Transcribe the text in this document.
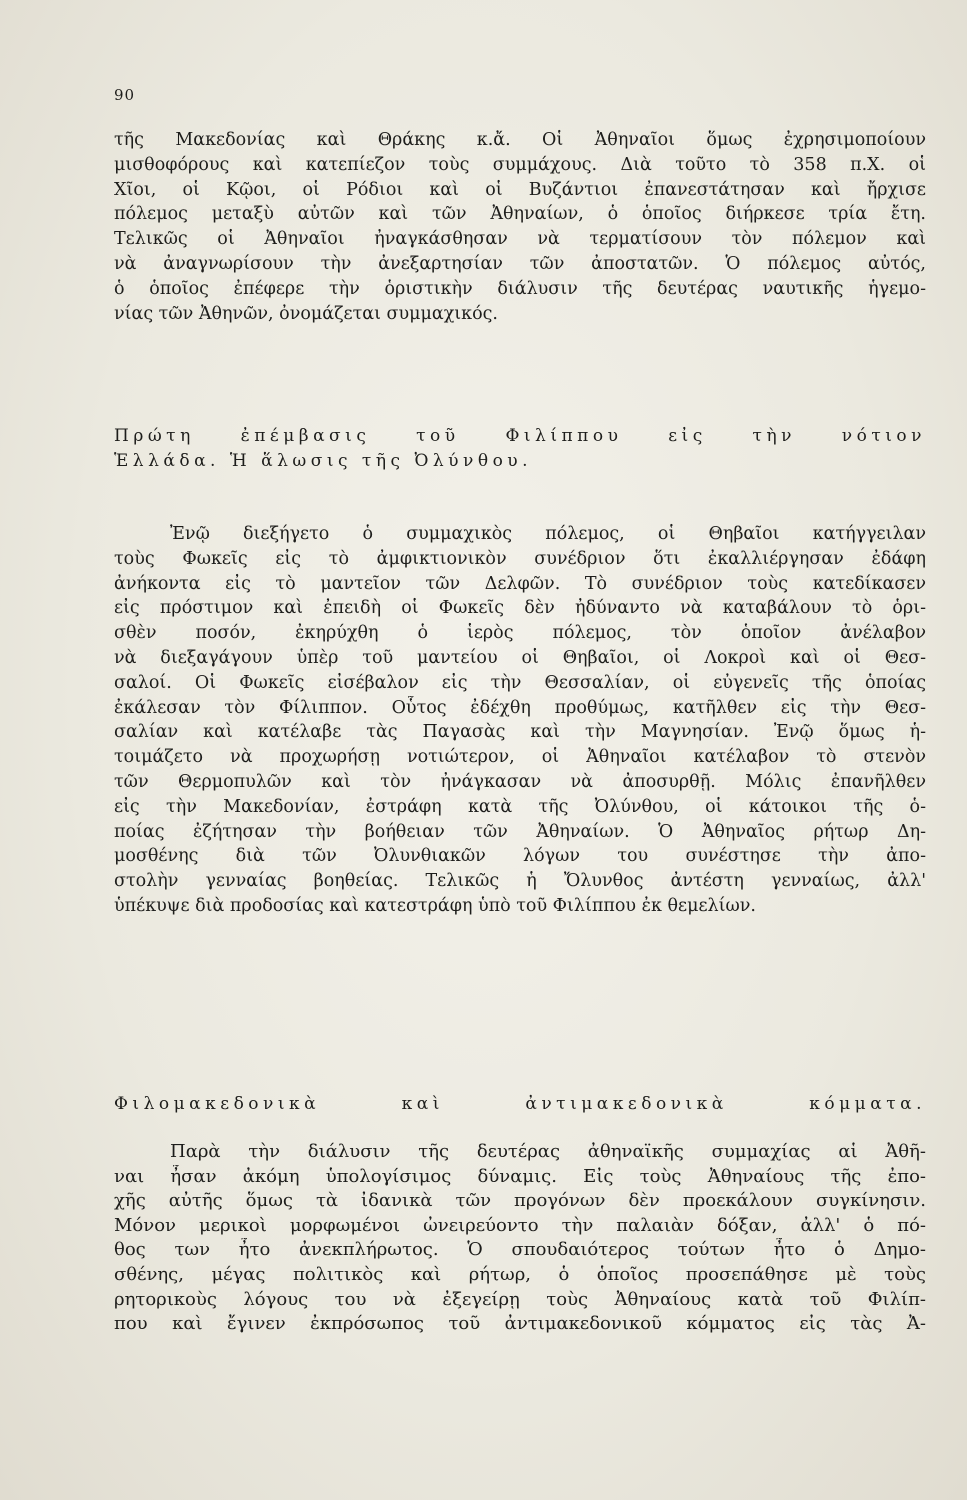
90
τῆς Μακεδονίας καὶ Θράκης κ.ἄ. Οἱ Ἀθηναῖοι ὅμως ἐχρησιμοποίουν
μισθοφόρους καὶ κατεπίεζον τοὺς συμμάχους. Διὰ τοῦτο τὸ 358 π.Χ. οἱ
Χῖοι, οἱ Κῷοι, οἱ Ρόδιοι καὶ οἱ Βυζάντιοι ἐπανεστάτησαν καὶ ἤρχισε
πόλεμος μεταξὺ αὐτῶν καὶ τῶν Ἀθηναίων, ὁ ὁποῖος διήρκεσε τρία ἔτη.
Τελικῶς οἱ Ἀθηναῖοι ἠναγκάσθησαν νὰ τερματίσουν τὸν πόλεμον καὶ
νὰ ἀναγνωρίσουν τὴν ἀνεξαρτησίαν τῶν ἀποστατῶν. Ὁ πόλεμος αὐτός,
ὁ ὁποῖος ἐπέφερε τὴν ὁριστικὴν διάλυσιν τῆς δευτέρας ναυτικῆς ἡγεμο-
νίας τῶν Ἀθηνῶν, ὀνομάζεται συμμαχικός.
Πρώτη ἐπέμβασις τοῦ Φιλίππου εἰς τὴν νότιον
Ἑλλάδα. Ἡ ἅλωσις τῆς Ὀλύνθου.
Ἐνῷ διεξήγετο ὁ συμμαχικὸς πόλεμος, οἱ Θηβαῖοι κατήγγειλαν
τοὺς Φωκεῖς εἰς τὸ ἀμφικτιονικὸν συνέδριον ὅτι ἐκαλλιέργησαν ἐδάφη
ἀνήκοντα εἰς τὸ μαντεῖον τῶν Δελφῶν. Τὸ συνέδριον τοὺς κατεδίκασεν
εἰς πρόστιμον καὶ ἐπειδὴ οἱ Φωκεῖς δὲν ἠδύναντο νὰ καταβάλουν τὸ ὁρι-
σθὲν ποσόν, ἐκηρύχθη ὁ ἱερὸς πόλεμος, τὸν ὁποῖον ἀνέλαβον
νὰ διεξαγάγουν ὑπὲρ τοῦ μαντείου οἱ Θηβαῖοι, οἱ Λοκροὶ καὶ οἱ Θεσ-
σαλοί. Οἱ Φωκεῖς εἰσέβαλον εἰς τὴν Θεσσαλίαν, οἱ εὐγενεῖς τῆς ὁποίας
ἐκάλεσαν τὸν Φίλιππον. Οὗτος ἐδέχθη προθύμως, κατῆλθεν εἰς τὴν Θεσ-
σαλίαν καὶ κατέλαβε τὰς Παγασὰς καὶ τὴν Μαγνησίαν. Ἐνῷ ὅμως ἡ-
τοιμάζετο νὰ προχωρήσῃ νοτιώτερον, οἱ Ἀθηναῖοι κατέλαβον τὸ στενὸν
τῶν Θερμοπυλῶν καὶ τὸν ἠνάγκασαν νὰ ἀποσυρθῇ. Μόλις ἐπανῆλθεν
εἰς τὴν Μακεδονίαν, ἐστράφη κατὰ τῆς Ὀλύνθου, οἱ κάτοικοι τῆς ὁ-
ποίας ἐζήτησαν τὴν βοήθειαν τῶν Ἀθηναίων. Ὁ Ἀθηναῖος ρήτωρ Δη-
μοσθένης διὰ τῶν Ὀλυνθιακῶν λόγων του συνέστησε τὴν ἀπο-
στολὴν γενναίας βοηθείας. Τελικῶς ἡ Ὄλυνθος ἀντέστη γενναίως, ἀλλ'
ὑπέκυψε διὰ προδοσίας καὶ κατεστράφη ὑπὸ τοῦ Φιλίππου ἐκ θεμελίων.
Φιλομακεδονικὰ καὶ ἀντιμακεδονικὰ κόμματα.
Παρὰ τὴν διάλυσιν τῆς δευτέρας ἀθηναϊκῆς συμμαχίας αἱ Ἀθῆ-
ναι ἦσαν ἀκόμη ὑπολογίσιμος δύναμις. Εἰς τοὺς Ἀθηναίους τῆς ἐπο-
χῆς αὐτῆς ὅμως τὰ ἰδανικὰ τῶν προγόνων δὲν προεκάλουν συγκίνησιν.
Μόνον μερικοὶ μορφωμένοι ὠνειρεύοντο τὴν παλαιὰν δόξαν, ἀλλ' ὁ πό-
θος των ἦτο ἀνεκπλήρωτος. Ὁ σπουδαιότερος τούτων ἦτο ὁ Δημο-
σθένης, μέγας πολιτικὸς καὶ ρήτωρ, ὁ ὁποῖος προσεπάθησε μὲ τοὺς
ρητορικοὺς λόγους του νὰ ἐξεγείρῃ τοὺς Ἀθηναίους κατὰ τοῦ Φιλίπ-
που καὶ ἔγινεν ἐκπρόσωπος τοῦ ἀντιμακεδονικοῦ κόμματος εἰς τὰς Ἀ-
